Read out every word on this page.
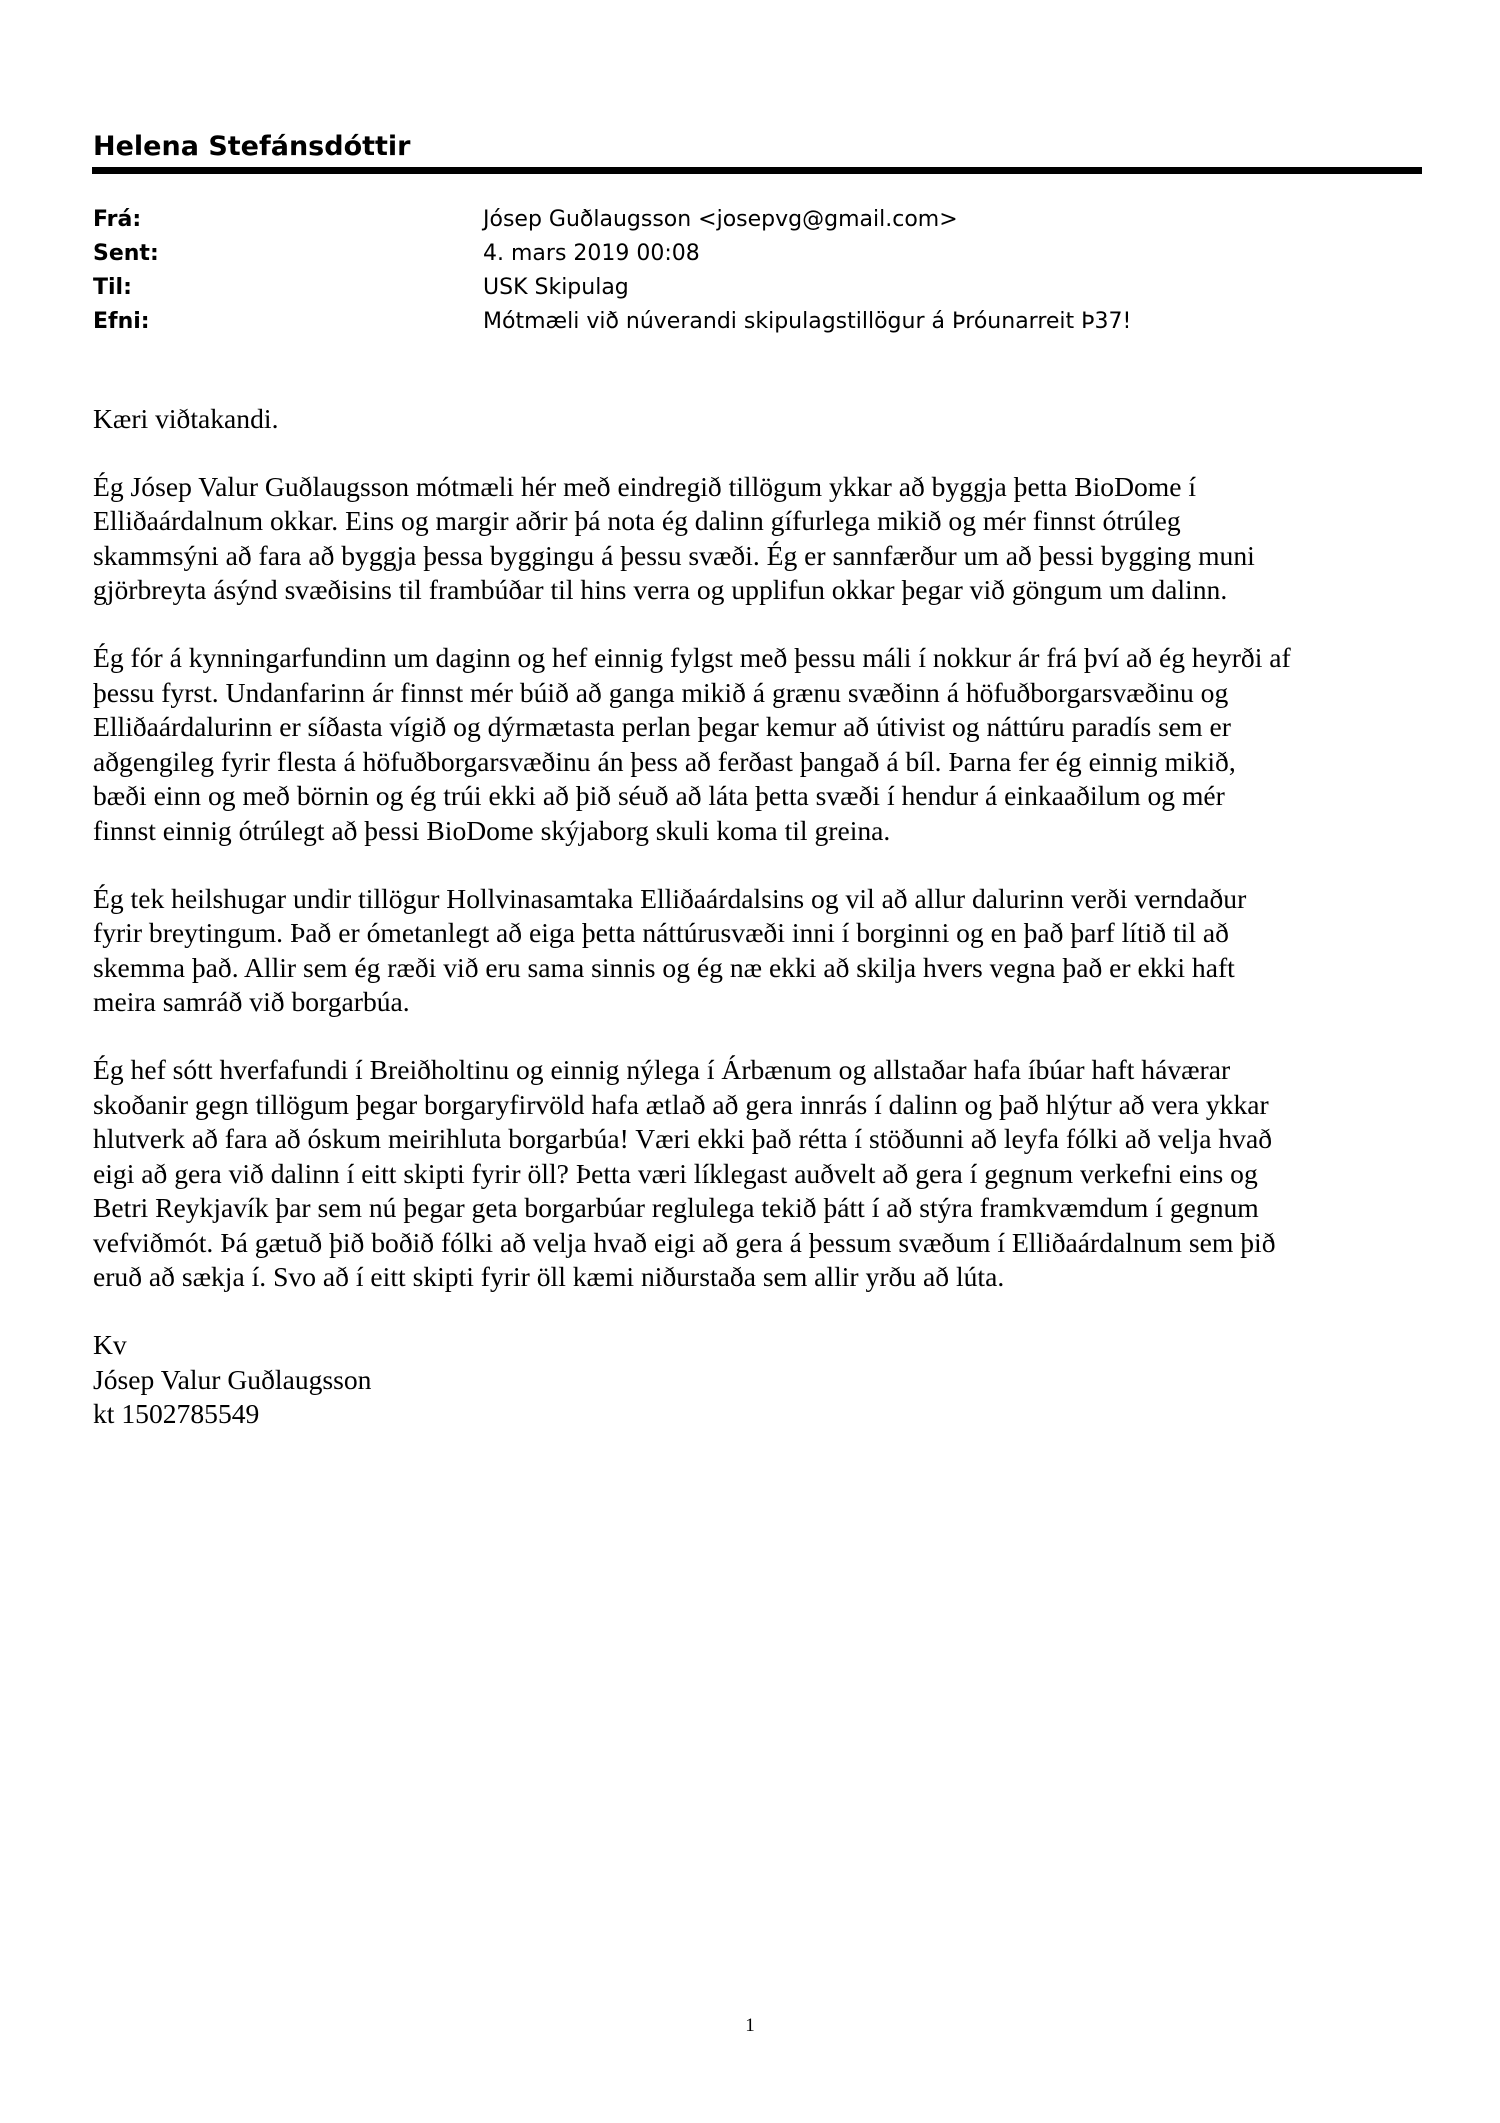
Helena Stefánsdóttir
Frá:	Jósep Guðlaugsson <josepvg@gmail.com>
Sent:	4. mars 2019 00:08
Til:	USK Skipulag
Efni:	Mótmæli við núverandi skipulagstillögur á Þróunarreit Þ37!

Kæri viðtakandi.

Ég Jósep Valur Guðlaugsson mótmæli hér með eindregið tillögum ykkar að byggja þetta BioDome í
Elliðaárdalnum okkar. Eins og margir aðrir þá nota ég dalinn gífurlega mikið og mér finnst ótrúleg
skammsýni að fara að byggja þessa byggingu á þessu svæði. Ég er sannfærður um að þessi bygging muni
gjörbreyta ásýnd svæðisins til frambúðar til hins verra og upplifun okkar þegar við göngum um dalinn.

Ég fór á kynningarfundinn um daginn og hef einnig fylgst með þessu máli í nokkur ár frá því að ég heyrði af
þessu fyrst. Undanfarinn ár finnst mér búið að ganga mikið á grænu svæðinn á höfuðborgarsvæðinu og
Elliðaárdalurinn er síðasta vígið og dýrmætasta perlan þegar kemur að útivist og náttúru paradís sem er
aðgengileg fyrir flesta á höfuðborgarsvæðinu án þess að ferðast þangað á bíl. Þarna fer ég einnig mikið,
bæði einn og með börnin og ég trúi ekki að þið séuð að láta þetta svæði í hendur á einkaaðilum og mér
finnst einnig ótrúlegt að þessi BioDome skýjaborg skuli koma til greina.

Ég tek heilshugar undir tillögur Hollvinasamtaka Elliðaárdalsins og vil að allur dalurinn verði verndaður
fyrir breytingum. Það er ómetanlegt að eiga þetta náttúrusvæði inni í borginni og en það þarf lítið til að
skemma það. Allir sem ég ræði við eru sama sinnis og ég næ ekki að skilja hvers vegna það er ekki haft
meira samráð við borgarbúa.

Ég hef sótt hverfafundi í Breiðholtinu og einnig nýlega í Árbænum og allstaðar hafa íbúar haft háværar
skoðanir gegn tillögum þegar borgaryfirvöld hafa ætlað að gera innrás í dalinn og það hlýtur að vera ykkar
hlutverk að fara að óskum meirihluta borgarbúa! Væri ekki það rétta í stöðunni að leyfa fólki að velja hvað
eigi að gera við dalinn í eitt skipti fyrir öll? Þetta væri líklegast auðvelt að gera í gegnum verkefni eins og
Betri Reykjavík þar sem nú þegar geta borgarbúar reglulega tekið þátt í að stýra framkvæmdum í gegnum
vefviðmót. Þá gætuð þið boðið fólki að velja hvað eigi að gera á þessum svæðum í Elliðaárdalnum sem þið
eruð að sækja í. Svo að í eitt skipti fyrir öll kæmi niðurstaða sem allir yrðu að lúta.

Kv
Jósep Valur Guðlaugsson
kt 1502785549

1
